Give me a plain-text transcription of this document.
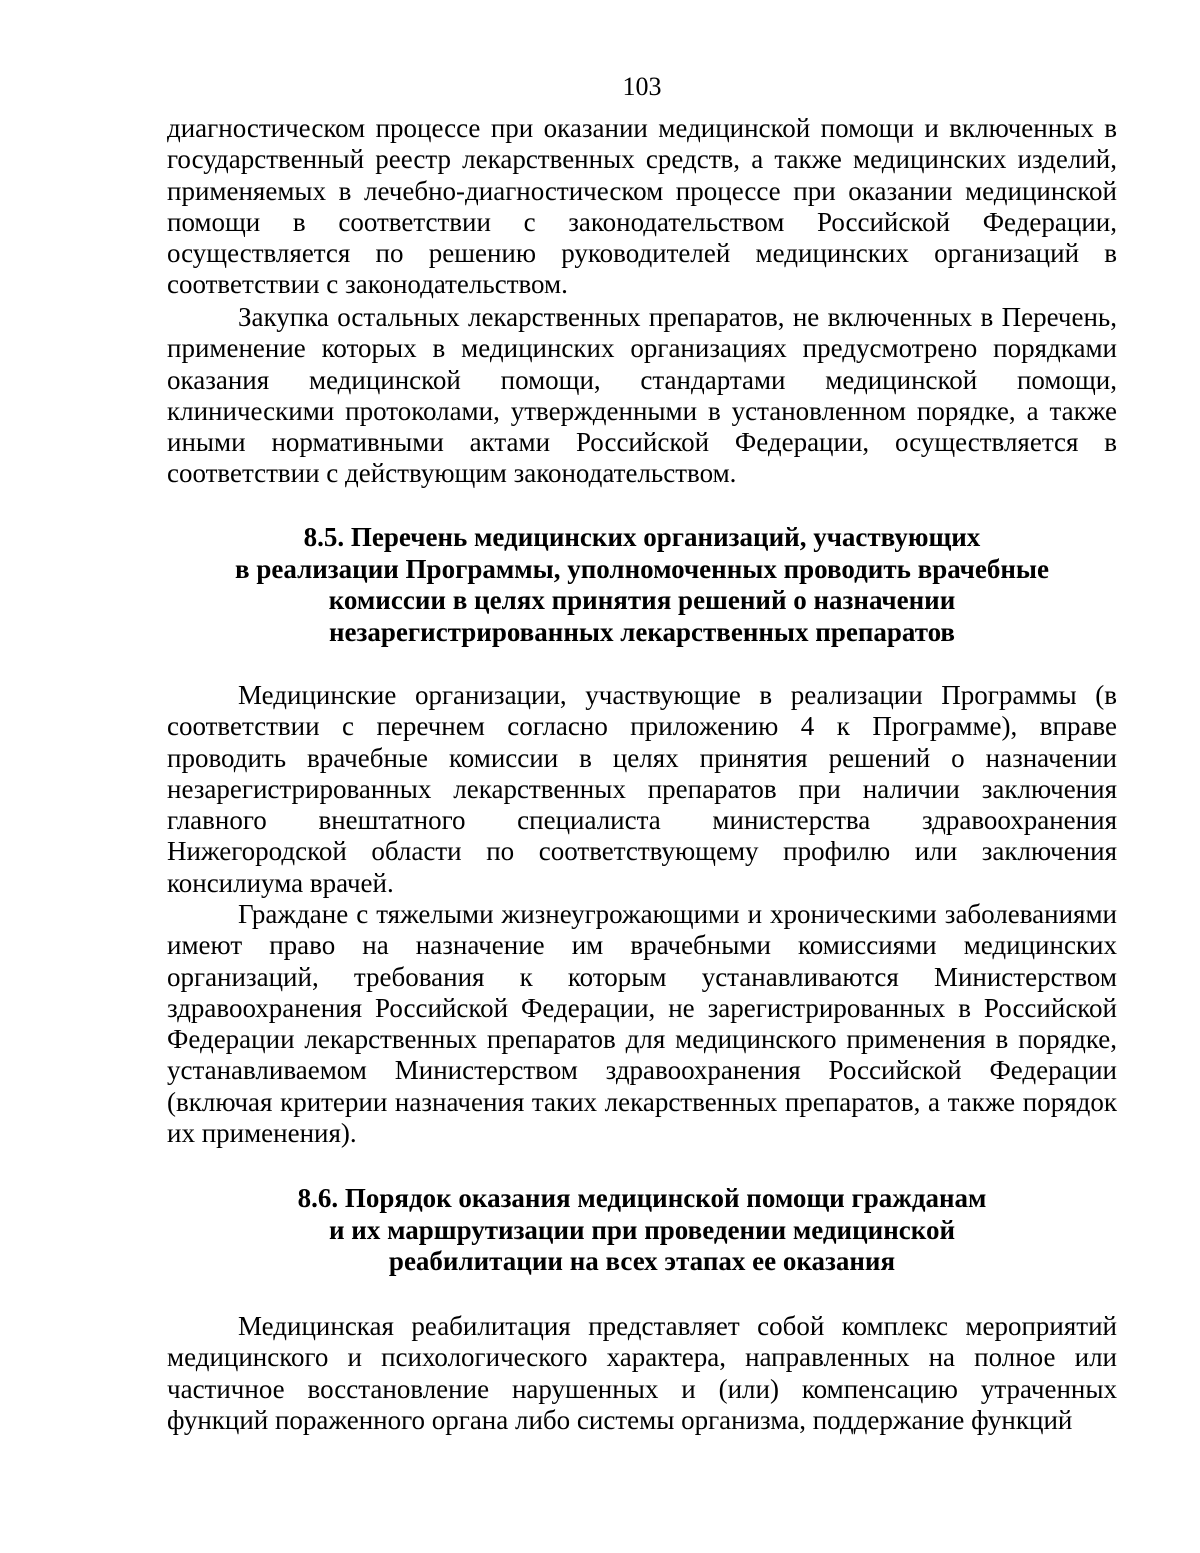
103

диагностическом процессе при оказании медицинской помощи и включенных в государственный реестр лекарственных средств, а также медицинских изделий, применяемых в лечебно-диагностическом процессе при оказании медицинской помощи в соответствии с законодательством Российской Федерации, осуществляется по решению руководителей медицинских организаций в соответствии с законодательством.

Закупка остальных лекарственных препаратов, не включенных в Перечень, применение которых в медицинских организациях предусмотрено порядками оказания медицинской помощи, стандартами медицинской помощи, клиническими протоколами, утвержденными в установленном порядке, а также иными нормативными актами Российской Федерации, осуществляется в соответствии с действующим законодательством.

8.5. Перечень медицинских организаций, участвующих
в реализации Программы, уполномоченных проводить врачебные
комиссии в целях принятия решений о назначении
незарегистрированных лекарственных препаратов

Медицинские организации, участвующие в реализации Программы (в соответствии с перечнем согласно приложению 4 к Программе), вправе проводить врачебные комиссии в целях принятия решений о назначении незарегистрированных лекарственных препаратов при наличии заключения главного внештатного специалиста министерства здравоохранения Нижегородской области по соответствующему профилю или заключения консилиума врачей.

Граждане с тяжелыми жизнеугрожающими и хроническими заболеваниями имеют право на назначение им врачебными комиссиями медицинских организаций, требования к которым устанавливаются Министерством здравоохранения Российской Федерации, не зарегистрированных в Российской Федерации лекарственных препаратов для медицинского применения в порядке, устанавливаемом Министерством здравоохранения Российской Федерации (включая критерии назначения таких лекарственных препаратов, а также порядок их применения).

8.6. Порядок оказания медицинской помощи гражданам
и их маршрутизации при проведении медицинской
реабилитации на всех этапах ее оказания

Медицинская реабилитация представляет собой комплекс мероприятий медицинского и психологического характера, направленных на полное или частичное восстановление нарушенных и (или) компенсацию утраченных функций пораженного органа либо системы организма, поддержание функций
